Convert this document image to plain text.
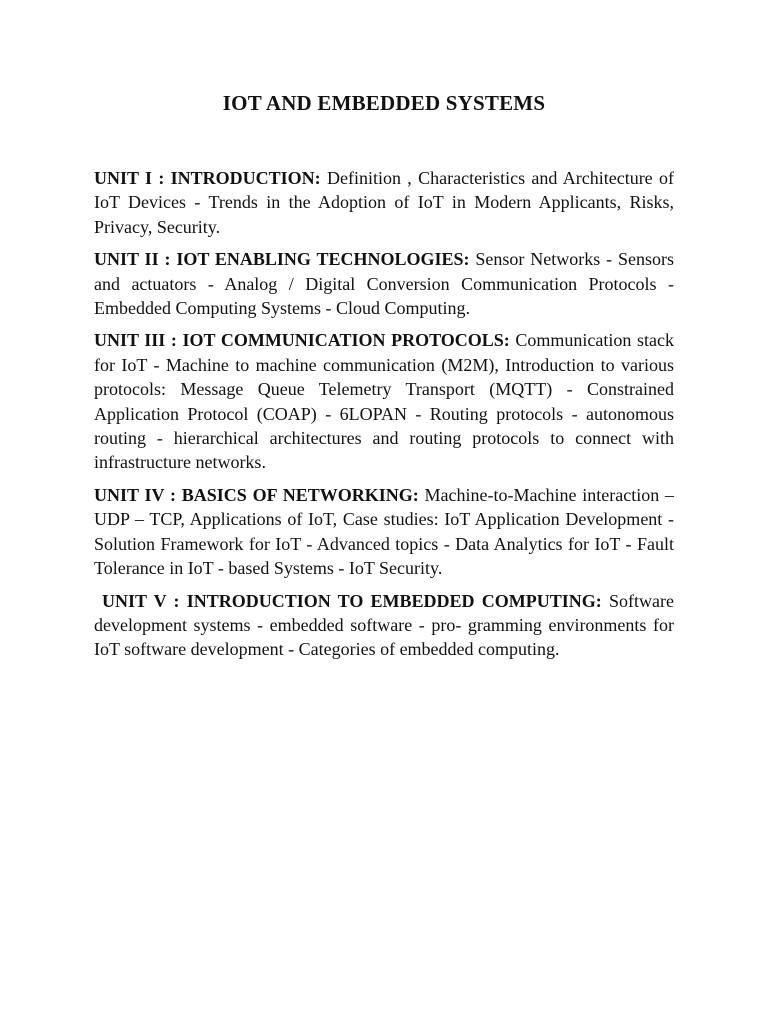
IOT AND EMBEDDED SYSTEMS

UNIT I : INTRODUCTION: Definition , Characteristics and Architecture of IoT Devices - Trends in the Adoption of IoT in Modern Applicants, Risks, Privacy, Security.

UNIT II : IOT ENABLING TECHNOLOGIES: Sensor Networks - Sensors and actuators - Analog / Digital Conversion Communication Protocols - Embedded Computing Systems - Cloud Computing.

UNIT III : IOT COMMUNICATION PROTOCOLS: Communication stack for IoT - Machine to machine communication (M2M), Introduction to various protocols: Message Queue Telemetry Transport (MQTT) - Constrained Application Protocol (COAP) - 6LOPAN - Routing protocols - autonomous routing - hierarchical architectures and routing protocols to connect with infrastructure networks.

UNIT IV : BASICS OF NETWORKING: Machine-to-Machine interaction – UDP – TCP, Applications of IoT, Case studies: IoT Application Development - Solution Framework for IoT - Advanced topics - Data Analytics for IoT - Fault Tolerance in IoT - based Systems - IoT Security.

UNIT V : INTRODUCTION TO EMBEDDED COMPUTING: Software development systems - embedded software - pro- gramming environments for IoT software development - Categories of embedded computing.
